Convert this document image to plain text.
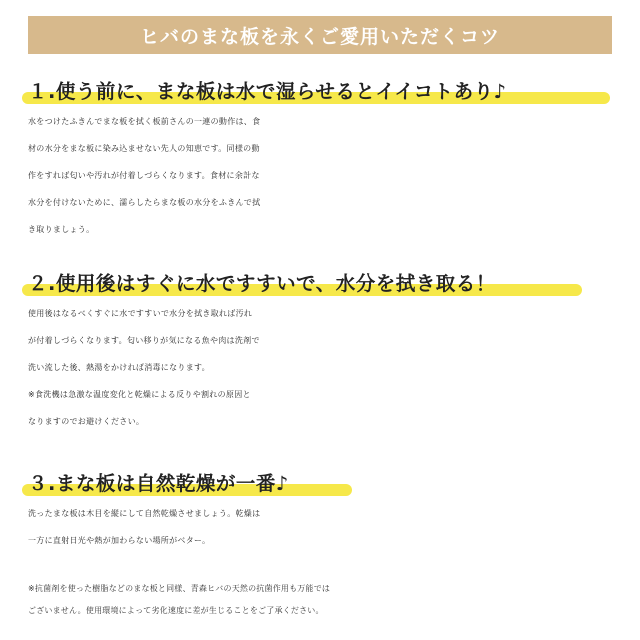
ヒバのまな板を永くご愛用いただくコツ
１.使う前に、まな板は水で湿らせるとイイコトあり♪
水をつけたふきんでまな板を拭く板前さんの一連の動作は、食
材の水分をまな板に染み込ませない先人の知恵です。同様の動
作をすれば匂いや汚れが付着しづらくなります。食材に余計な
水分を付けないために、濡らしたらまな板の水分をふきんで拭
き取りましょう。
２.使用後はすぐに水ですすいで、水分を拭き取る！
使用後はなるべくすぐに水ですすいで水分を拭き取れば汚れ
が付着しづらくなります。匂い移りが気になる魚や肉は洗剤で
洗い流した後、熱湯をかければ消毒になります。
※食洗機は急激な温度変化と乾燥による反りや割れの原因と
なりますのでお避けください。
３.まな板は自然乾燥が一番♪
洗ったまな板は木目を縦にして自然乾燥させましょう。乾燥は
一方に直射日光や熱が加わらない場所がベター。
※抗菌剤を使った樹脂などのまな板と同様、青森ヒバの天然の抗菌作用も万能では
ございません。使用環境によって劣化速度に差が生じることをご了承ください。
